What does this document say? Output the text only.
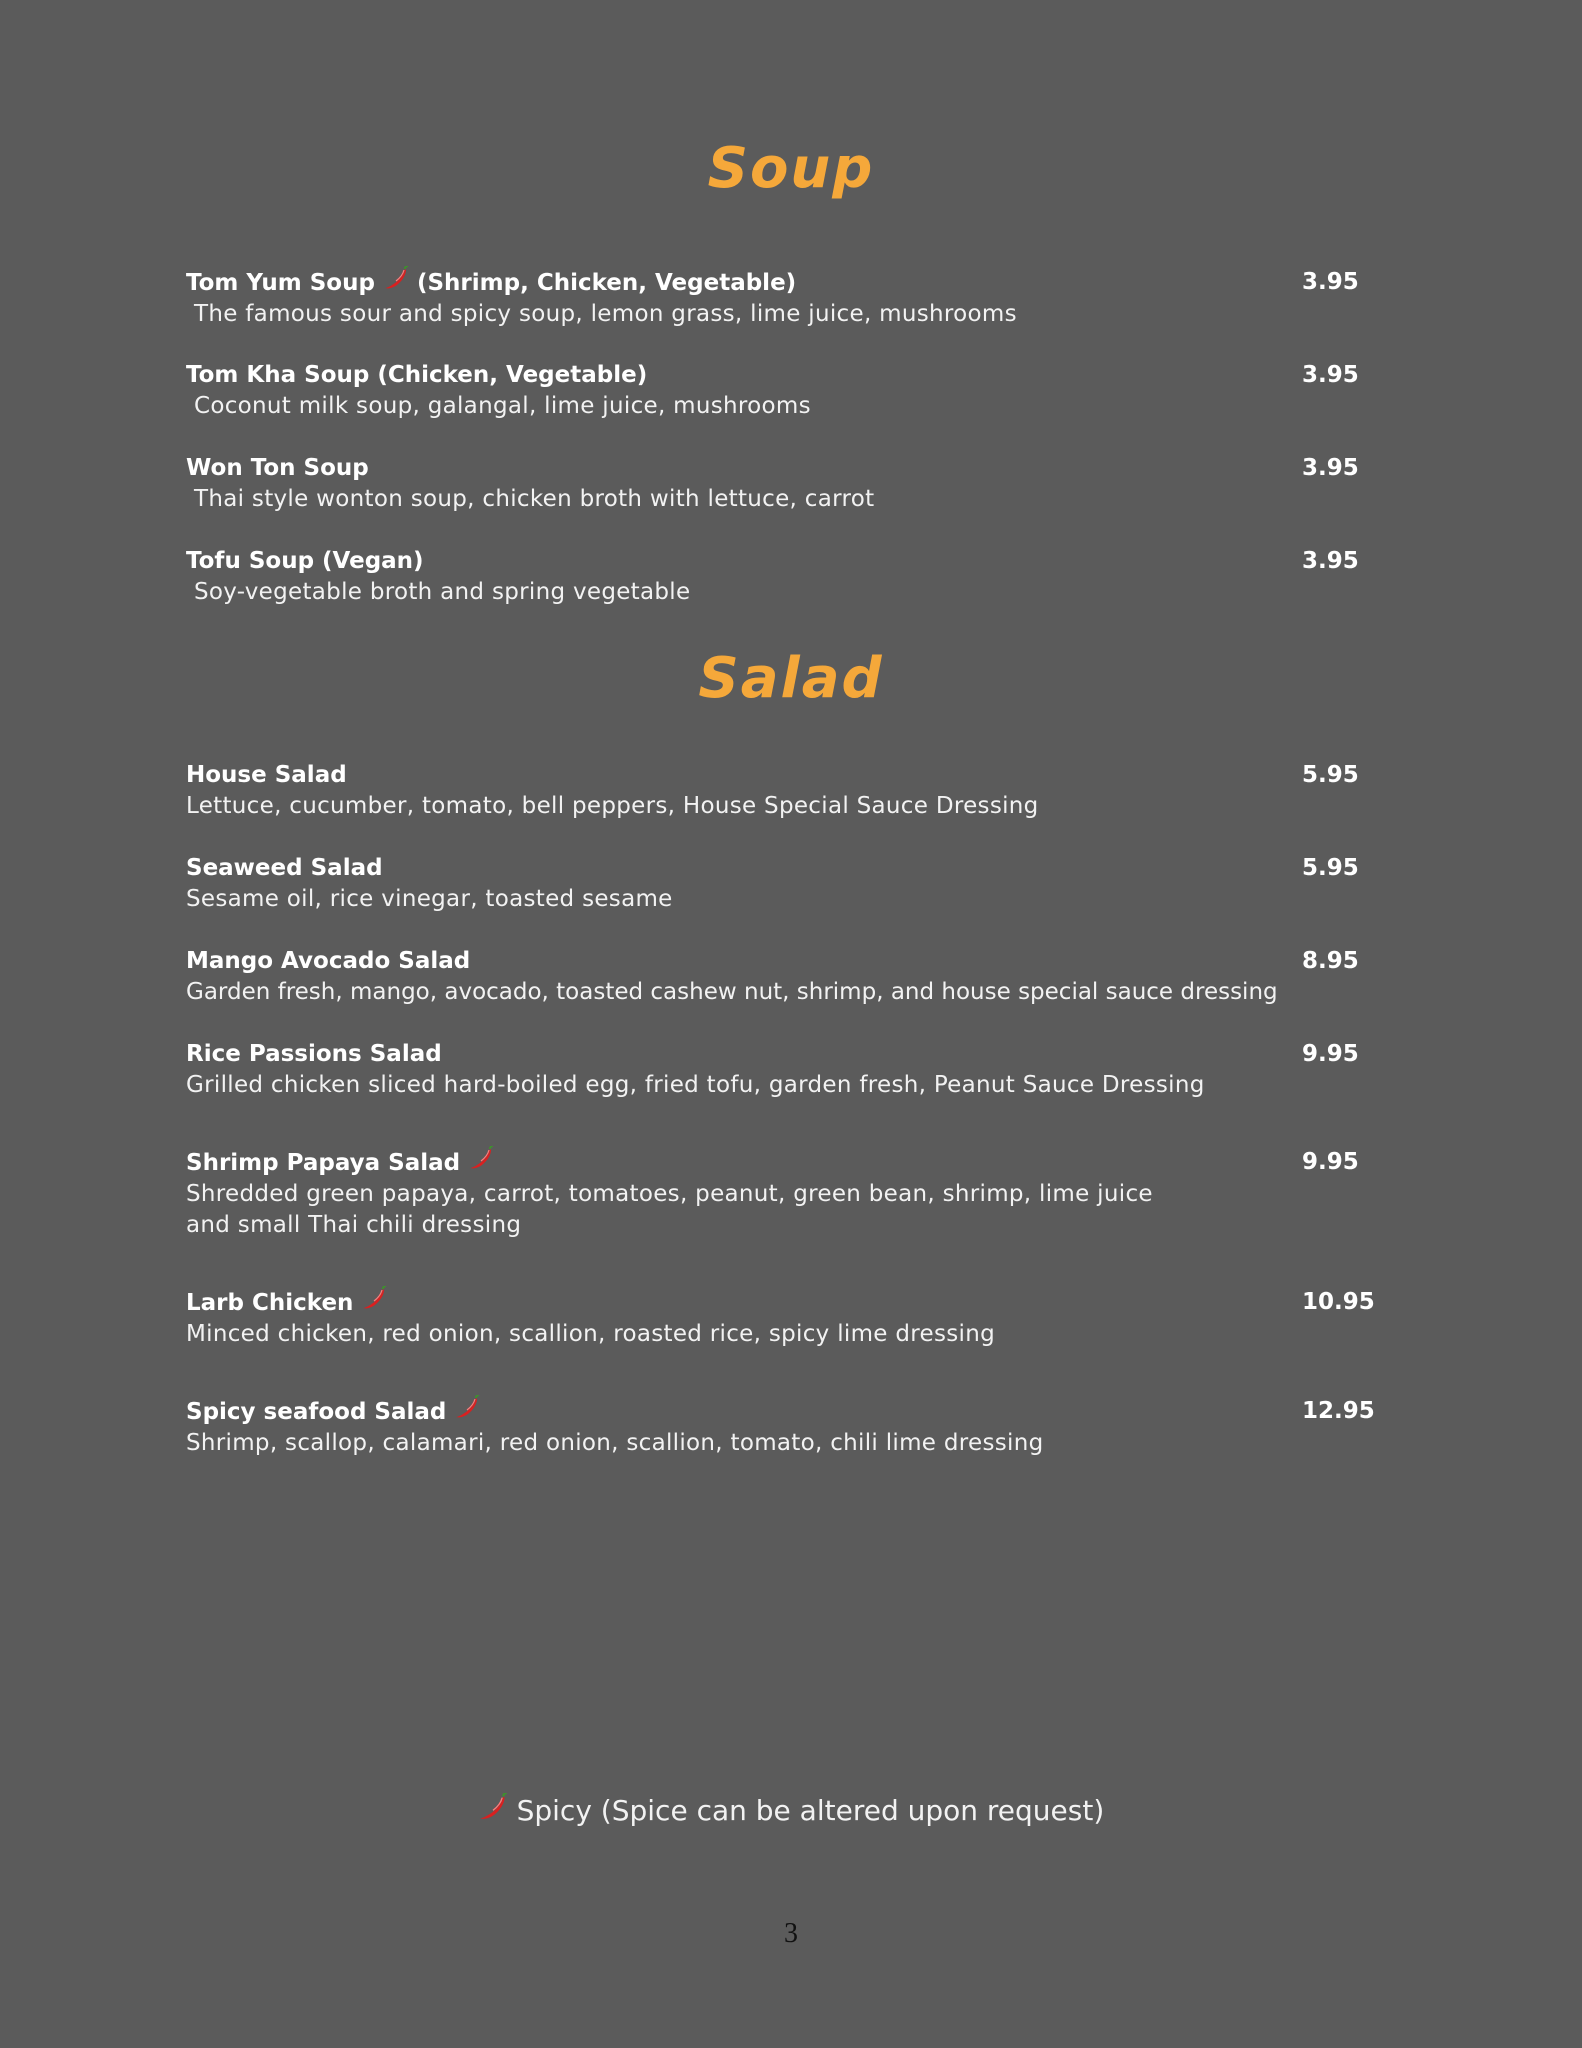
Soup
Tom Yum Soup  (Shrimp, Chicken, Vegetable)	3.95
The famous sour and spicy soup, lemon grass, lime juice, mushrooms
Tom Kha Soup (Chicken, Vegetable)	3.95
Coconut milk soup, galangal, lime juice, mushrooms
Won Ton Soup	3.95
Thai style wonton soup, chicken broth with lettuce, carrot
Tofu Soup (Vegan)	3.95
Soy-vegetable broth and spring vegetable
Salad
House Salad	5.95
Lettuce, cucumber, tomato, bell peppers, House Special Sauce Dressing
Seaweed Salad	5.95
Sesame oil, rice vinegar, toasted sesame
Mango Avocado Salad	8.95
Garden fresh, mango, avocado, toasted cashew nut, shrimp, and house special sauce dressing
Rice Passions Salad	9.95
Grilled chicken sliced hard-boiled egg, fried tofu, garden fresh, Peanut Sauce Dressing
Shrimp Papaya Salad	9.95
Shredded green papaya, carrot, tomatoes, peanut, green bean, shrimp, lime juice
and small Thai chili dressing
Larb Chicken	10.95
Minced chicken, red onion, scallion, roasted rice, spicy lime dressing
Spicy seafood Salad	12.95
Shrimp, scallop, calamari, red onion, scallion, tomato, chili lime dressing
Spicy (Spice can be altered upon request)
3
